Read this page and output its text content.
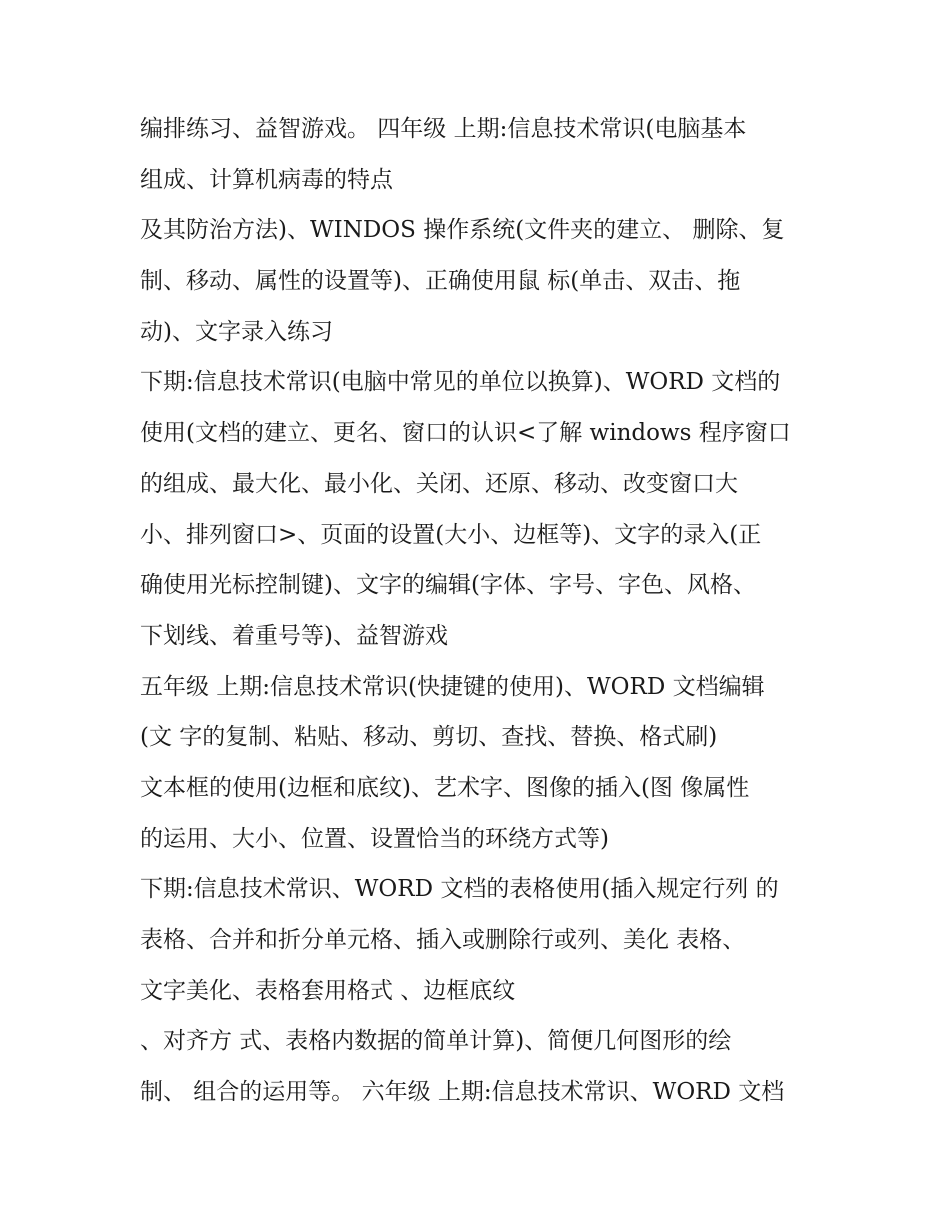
编排练习、益智游戏。 四年级 上期:信息技术常识(电脑基本
组成、计算机病毒的特点
及其防治方法)、WINDOS 操作系统(文件夹的建立、 删除、复
制、移动、属性的设置等)、正确使用鼠 标(单击、双击、拖
动)、文字录入练习
下期:信息技术常识(电脑中常见的单位以换算)、WORD 文档的
使用(文档的建立、更名、窗口的认识<了解 windows 程序窗口
的组成、最大化、最小化、关闭、还原、移动、改变窗口大
小、排列窗口>、页面的设置(大小、边框等)、文字的录入(正
确使用光标控制键)、文字的编辑(字体、字号、字色、风格、
下划线、着重号等)、益智游戏
五年级 上期:信息技术常识(快捷键的使用)、WORD 文档编辑
(文 字的复制、粘贴、移动、剪切、查找、替换、格式刷)
文本框的使用(边框和底纹)、艺术字、图像的插入(图 像属性
的运用、大小、位置、设置恰当的环绕方式等)
下期:信息技术常识、WORD 文档的表格使用(插入规定行列 的
表格、合并和折分单元格、插入或删除行或列、美化 表格、
文字美化、表格套用格式 、边框底纹
、对齐方 式、表格内数据的简单计算)、简便几何图形的绘
制、 组合的运用等。 六年级 上期:信息技术常识、WORD 文档
